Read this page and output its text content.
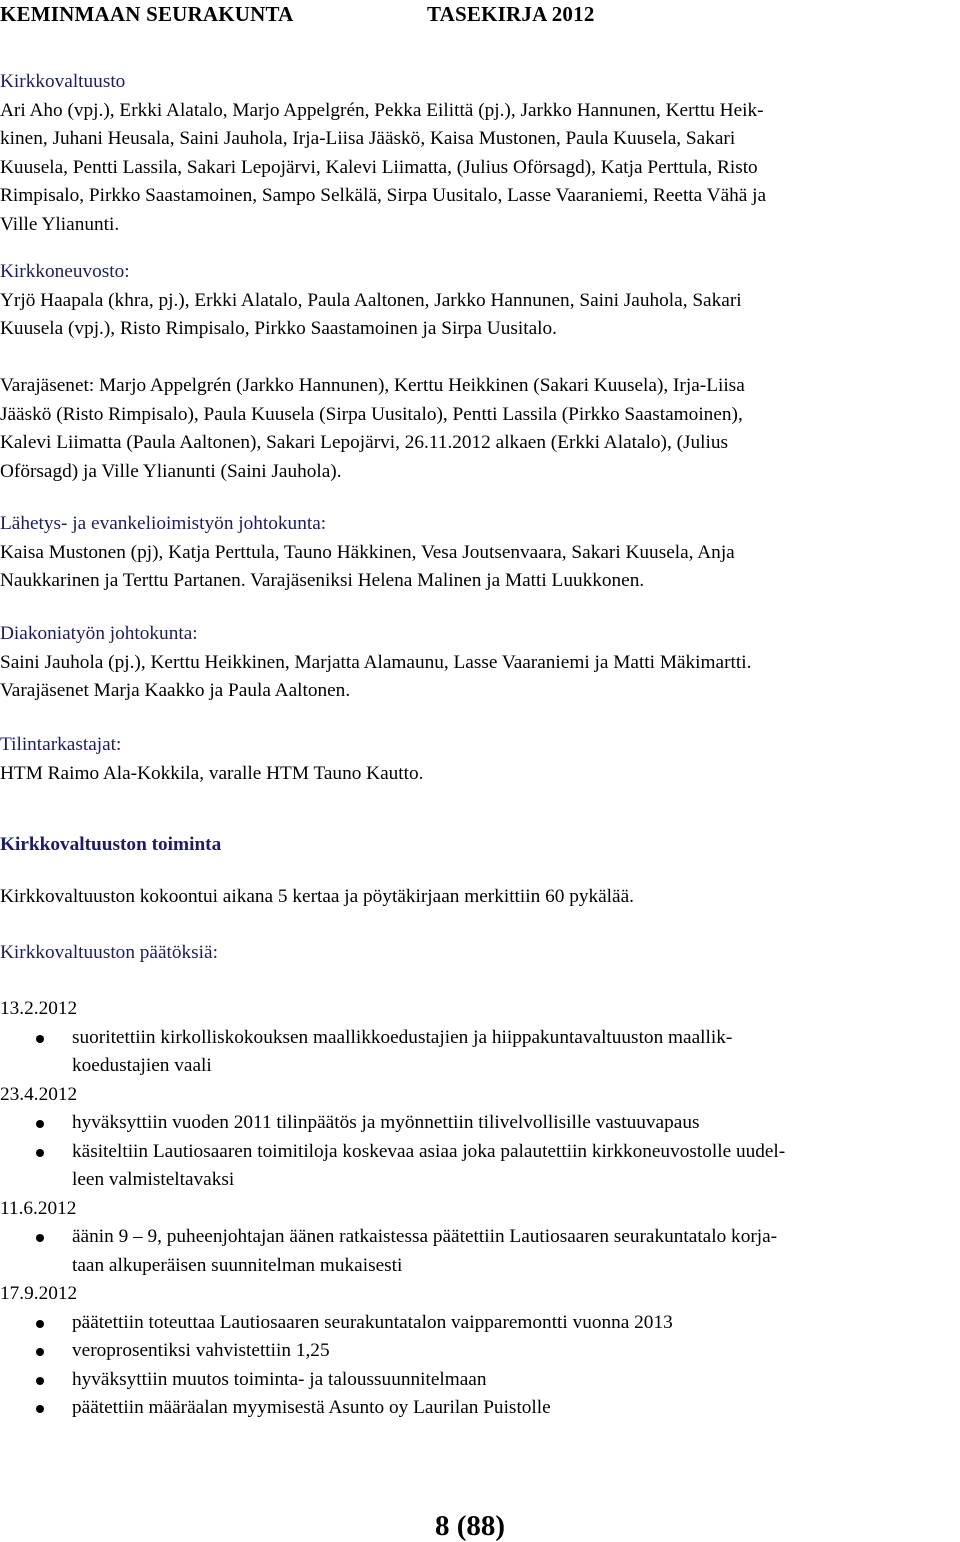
KEMINMAAN SEURAKUNTA	TASEKIRJA 2012
Kirkkovaltuusto
Ari Aho (vpj.), Erkki Alatalo, Marjo Appelgrén, Pekka Eilittä (pj.), Jarkko Hannunen, Kerttu Heik-
kinen, Juhani Heusala, Saini Jauhola, Irja-Liisa Jääskö, Kaisa Mustonen, Paula Kuusela, Sakari
Kuusela, Pentti Lassila, Sakari Lepojärvi, Kalevi Liimatta, (Julius Oförsagd), Katja Perttula, Risto
Rimpisalo, Pirkko Saastamoinen, Sampo Selkälä, Sirpa Uusitalo, Lasse Vaaraniemi, Reetta Vähä ja
Ville Ylianunti.
Kirkkoneuvosto:
Yrjö Haapala (khra, pj.), Erkki Alatalo, Paula Aaltonen, Jarkko Hannunen, Saini Jauhola, Sakari
Kuusela (vpj.), Risto Rimpisalo, Pirkko Saastamoinen ja Sirpa Uusitalo.
Varajäsenet: Marjo Appelgrén (Jarkko Hannunen), Kerttu Heikkinen (Sakari Kuusela), Irja-Liisa
Jääskö (Risto Rimpisalo), Paula Kuusela (Sirpa Uusitalo), Pentti Lassila (Pirkko Saastamoinen),
Kalevi Liimatta (Paula Aaltonen), Sakari Lepojärvi, 26.11.2012 alkaen (Erkki Alatalo), (Julius
Oförsagd) ja Ville Ylianunti (Saini Jauhola).
Lähetys- ja evankelioimistyön johtokunta:
Kaisa Mustonen (pj), Katja Perttula, Tauno Häkkinen, Vesa Joutsenvaara, Sakari Kuusela, Anja
Naukkarinen ja Terttu Partanen. Varajäseniksi Helena Malinen ja Matti Luukkonen.
Diakoniatyön johtokunta:
Saini Jauhola (pj.), Kerttu Heikkinen, Marjatta Alamaunu, Lasse Vaaraniemi ja Matti Mäkimartti.
Varajäsenet Marja Kaakko ja Paula Aaltonen.
Tilintarkastajat:
HTM Raimo Ala-Kokkila, varalle HTM Tauno Kautto.
Kirkkovaltuuston toiminta
Kirkkovaltuuston kokoontui aikana 5 kertaa ja pöytäkirjaan merkittiin 60 pykälää.
Kirkkovaltuuston päätöksiä:
13.2.2012
suoritettiin kirkolliskokouksen maallikkoedustajien ja hiippakuntavaltuuston maallik-
koedustajien vaali
23.4.2012
hyväksyttiin vuoden 2011 tilinpäätös ja myönnettiin tilivelvollisille vastuuvapaus
käsiteltiin Lautiosaaren toimitiloja koskevaa asiaa joka palautettiin kirkkoneuvostolle uudel-
leen valmisteltavaksi
11.6.2012
äänin 9 – 9, puheenjohtajan äänen ratkaistessa päätettiin Lautiosaaren seurakuntatalo korja-
taan alkuperäisen suunnitelman mukaisesti
17.9.2012
päätettiin toteuttaa Lautiosaaren seurakuntatalon vaipparemontti vuonna 2013
veroprosentiksi vahvistettiin 1,25
hyväksyttiin muutos toiminta- ja taloussuunnitelmaan
päätettiin määräalan myymisestä Asunto oy Laurilan Puistolle
8 (88)
